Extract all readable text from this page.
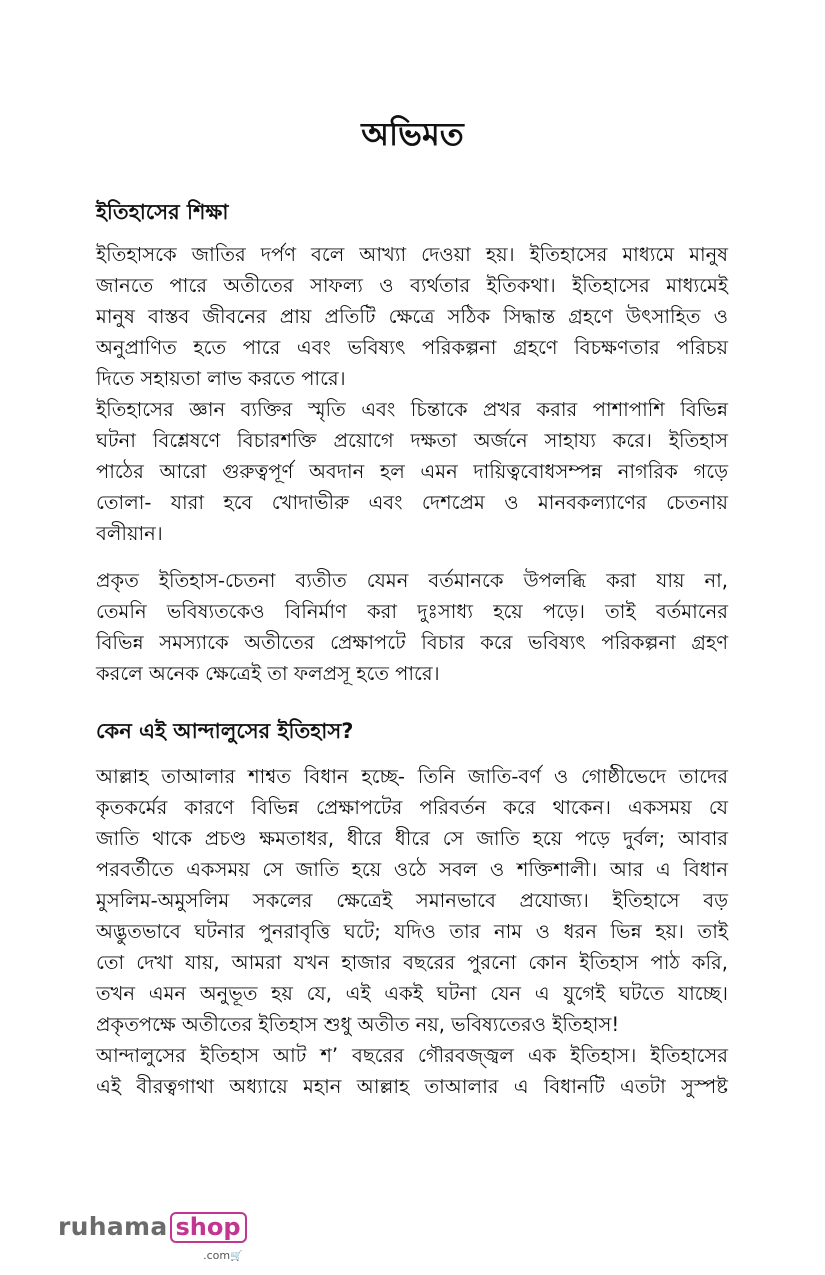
অভিমত
ইতিহাসের শিক্ষা
ইতিহাসকে জাতির দর্পণ বলে আখ্যা দেওয়া হয়। ইতিহাসের মাধ্যমে মানুষ
জানতে পারে অতীতের সাফল্য ও ব্যর্থতার ইতিকথা। ইতিহাসের মাধ্যমেই
মানুষ বাস্তব জীবনের প্রায় প্রতিটি ক্ষেত্রে সঠিক সিদ্ধান্ত গ্রহণে উৎসাহিত ও
অনুপ্রাণিত হতে পারে এবং ভবিষ্যৎ পরিকল্পনা গ্রহণে বিচক্ষণতার পরিচয়
দিতে সহায়তা লাভ করতে পারে।
ইতিহাসের জ্ঞান ব্যক্তির স্মৃতি এবং চিন্তাকে প্রখর করার পাশাপাশি বিভিন্ন
ঘটনা বিশ্লেষণে বিচারশক্তি প্রয়োগে দক্ষতা অর্জনে সাহায্য করে। ইতিহাস
পাঠের আরো গুরুত্বপূর্ণ অবদান হল এমন দায়িত্ববোধসম্পন্ন নাগরিক গড়ে
তোলা- যারা হবে খোদাভীরু এবং দেশপ্রেম ও মানবকল্যাণের চেতনায়
বলীয়ান।
প্রকৃত ইতিহাস-চেতনা ব্যতীত যেমন বর্তমানকে উপলব্ধি করা যায় না,
তেমনি ভবিষ্যতকেও বিনির্মাণ করা দুঃসাধ্য হয়ে পড়ে। তাই বর্তমানের
বিভিন্ন সমস্যাকে অতীতের প্রেক্ষাপটে বিচার করে ভবিষ্যৎ পরিকল্পনা গ্রহণ
করলে অনেক ক্ষেত্রেই তা ফলপ্রসূ হতে পারে।
কেন এই আন্দালুসের ইতিহাস?
আল্লাহ তাআলার শাশ্বত বিধান হচ্ছে- তিনি জাতি-বর্ণ ও গোষ্ঠীভেদে তাদের
কৃতকর্মের কারণে বিভিন্ন প্রেক্ষাপটের পরিবর্তন করে থাকেন। একসময় যে
জাতি থাকে প্রচণ্ড ক্ষমতাধর, ধীরে ধীরে সে জাতি হয়ে পড়ে দুর্বল; আবার
পরবর্তীতে একসময় সে জাতি হয়ে ওঠে সবল ও শক্তিশালী। আর এ বিধান
মুসলিম-অমুসলিম সকলের ক্ষেত্রেই সমানভাবে প্রযোজ্য। ইতিহাসে বড়
অদ্ভুতভাবে ঘটনার পুনরাবৃত্তি ঘটে; যদিও তার নাম ও ধরন ভিন্ন হয়। তাই
তো দেখা যায়, আমরা যখন হাজার বছরের পুরনো কোন ইতিহাস পাঠ করি,
তখন এমন অনুভূত হয় যে, এই একই ঘটনা যেন এ যুগেই ঘটতে যাচ্ছে।
প্রকৃতপক্ষে অতীতের ইতিহাস শুধু অতীত নয়, ভবিষ্যতেরও ইতিহাস!
আন্দালুসের ইতিহাস আট শ’ বছরের গৌরবজ্জ্বল এক ইতিহাস। ইতিহাসের
এই বীরত্বগাথা অধ্যায়ে মহান আল্লাহ তাআলার এ বিধানটি এতটা সুস্পষ্ট
ruhama shop
.com🛒
